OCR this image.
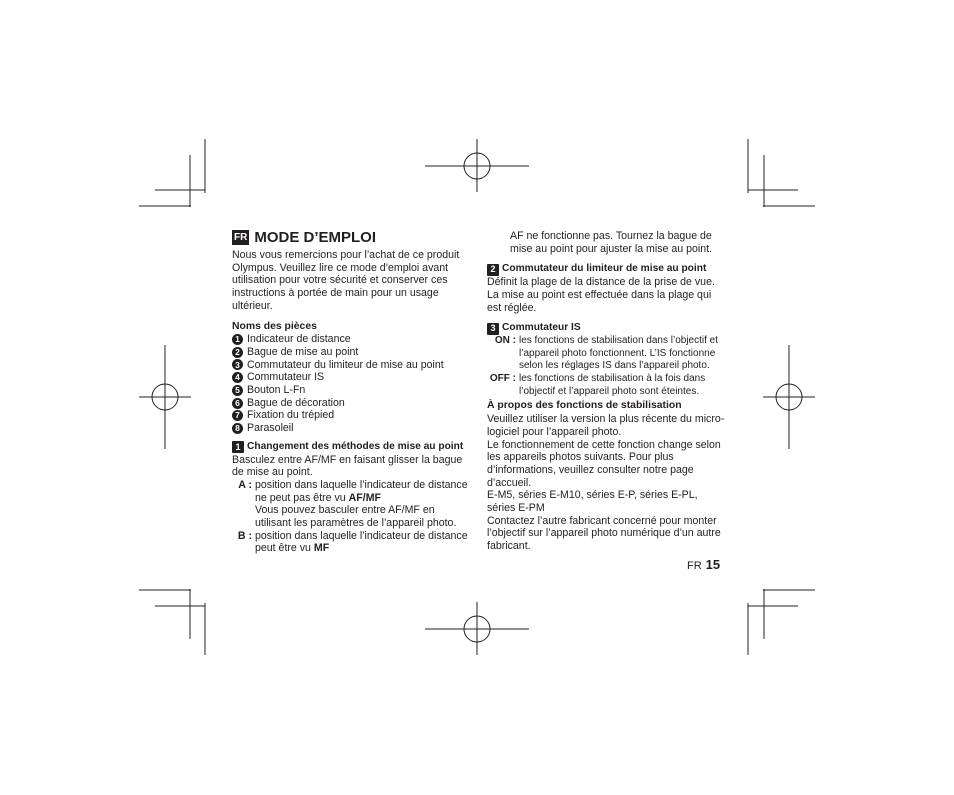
FR MODE D’EMPLOI

Nous vous remercions pour l’achat de ce produit Olympus. Veuillez lire ce mode d’emploi avant utilisation pour votre sécurité et conserver ces instructions à portée de main pour un usage ultérieur.

Noms des pièces

1 Indicateur de distance
2 Bague de mise au point
3 Commutateur du limiteur de mise au point
4 Commutateur IS
5 Bouton L-Fn
6 Bague de décoration
7 Fixation du trépied
8 Parasoleil
1 Changement des méthodes de mise au point

Basculez entre AF/MF en faisant glisser la bague de mise au point.

A : position dans laquelle l’indicateur de distance ne peut pas être vu AF/MF
Vous pouvez basculer entre AF/MF en utilisant les paramètres de l’appareil photo.
B : position dans laquelle l’indicateur de distance peut être vu MF
AF ne fonctionne pas. Tournez la bague de mise au point pour ajuster la mise au point.
2 Commutateur du limiteur de mise au point

Définit la plage de la distance de la prise de vue. La mise au point est effectuée dans la plage qui est réglée.

3 Commutateur IS
ON : les fonctions de stabilisation dans l’objectif et l’appareil photo fonctionnent. L’IS fonctionne selon les réglages IS dans l’appareil photo.
OFF : les fonctions de stabilisation à la fois dans l’objectif et l’appareil photo sont éteintes.

À propos des fonctions de stabilisation

Veuillez utiliser la version la plus récente du micro-logiciel pour l’appareil photo.

Le fonctionnement de cette fonction change selon les appareils photos suivants. Pour plus d’informations, veuillez consulter notre page d’accueil.

E-M5, séries E-M10, séries E-P, séries E-PL, séries E-PM

Contactez l’autre fabricant concerné pour monter l’objectif sur l’appareil photo numérique d’un autre fabricant.

FR 15
